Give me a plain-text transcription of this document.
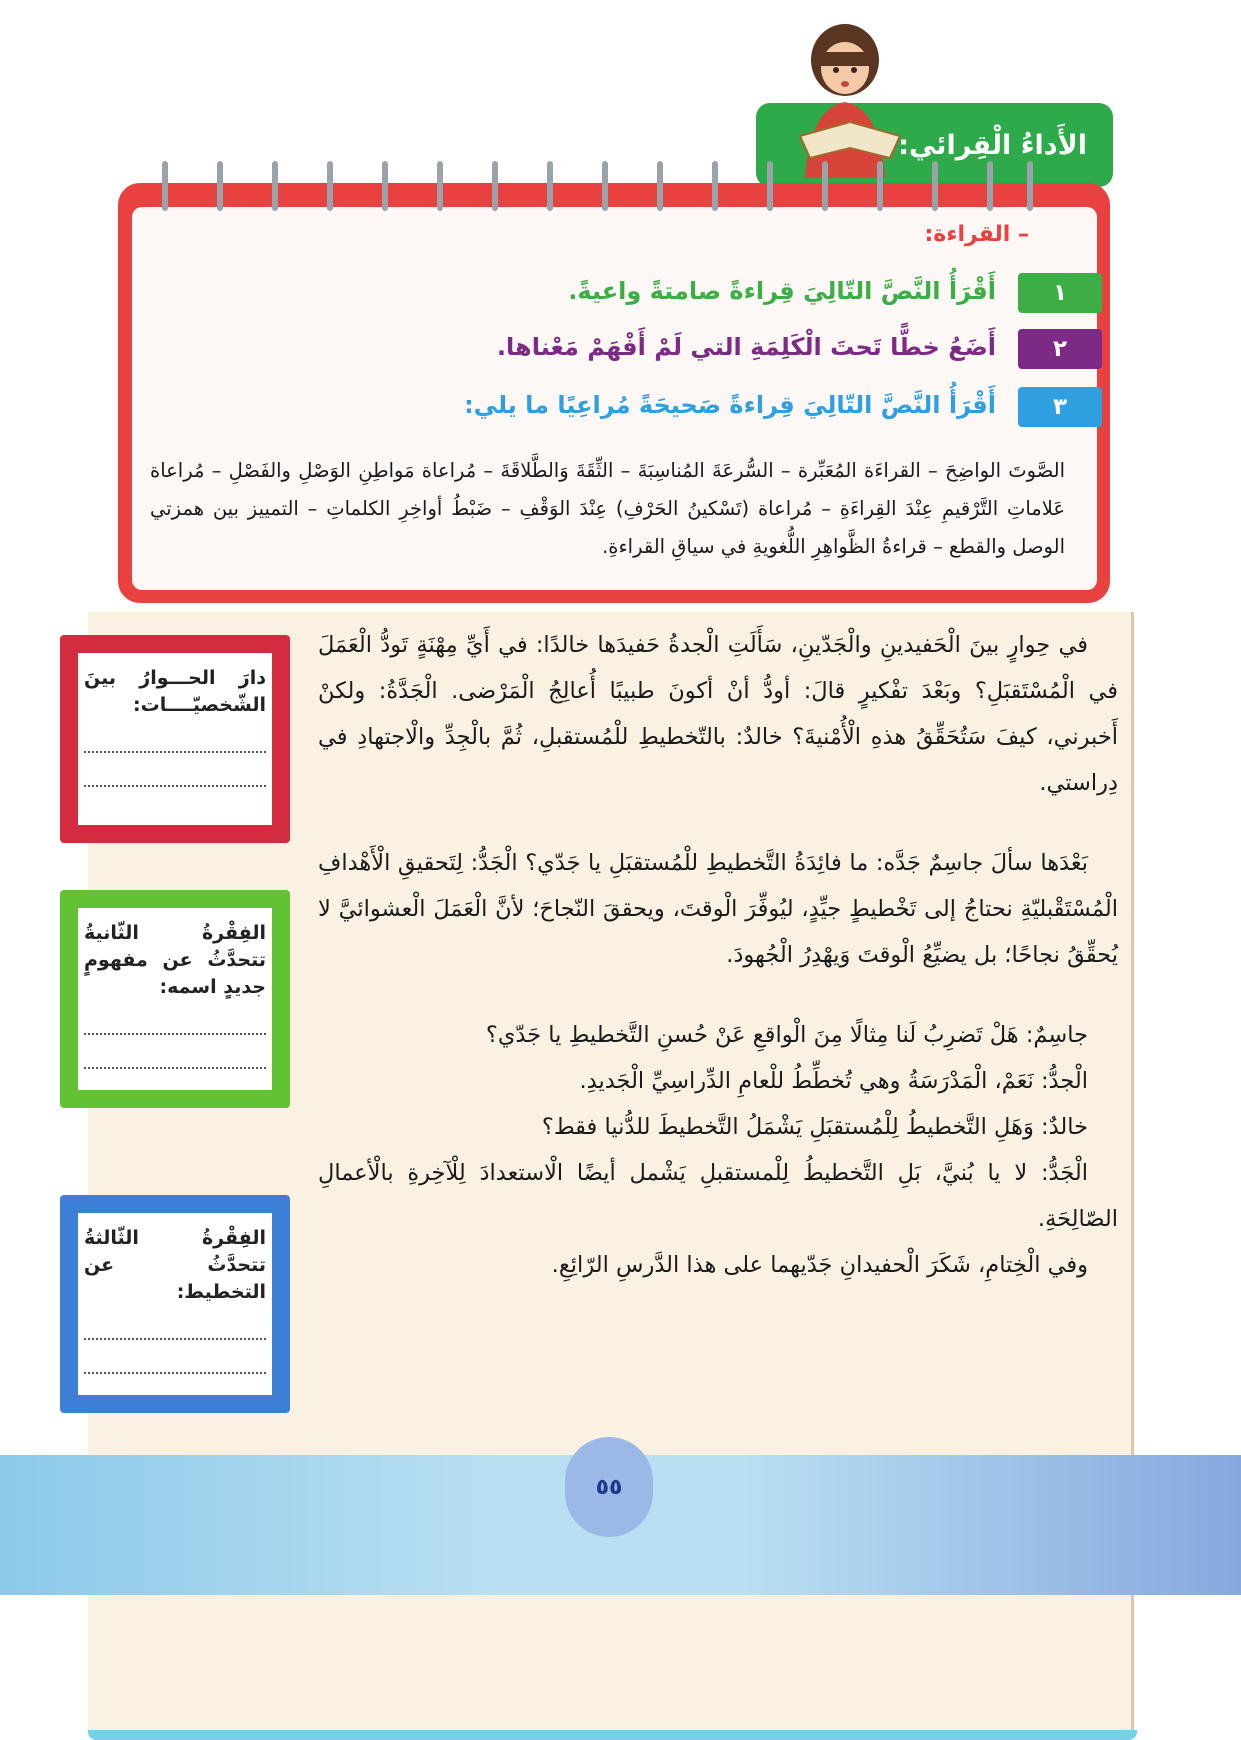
الأَداءُ الْقِرائي:
– القراءة:
١
أَقْرَأُ النَّصَّ التّالِيَ قِراءةً صامتةً واعيةً.
٢
أَضَعُ خطًّا تَحتَ الْكَلِمَةِ التي لَمْ أَفْهَمْ مَعْناها.
٣
أَقْرَأُ النَّصَّ التّالِيَ قِراءةً صَحيحَةً مُراعِيًا ما يلي:
الصَّوتَ الواضِحَ – القراءَة المُعَبِّرة – السُّرعَةَ المُناسِبَةَ – الثِّقَةَ وَالطَّلاقَةَ – مُراعاة مَواطِنِ الوَصْلِ والفَصْلِ – مُراعاة عَلاماتِ التَّرْقيمِ عِنْدَ القِراءَةِ – مُراعاة (تَسْكينُ الحَرْفِ) عِنْدَ الوَقْفِ – ضَبْطُ أواخِرِ الكلماتِ – التمييز بين همزتي الوصل والقطع – قراءةُ الظَّواهِرِ اللُّغويةِ في سياقِ القراءةِ.

في حِوارٍ بينَ الْحَفيدينِ والْجَدّينِ، سَأَلَتِ الْجدةُ حَفيدَها خالدًا: في أَيِّ مِهْنَةٍ تَودُّ الْعَمَلَ في الْمُسْتَقبَلِ؟ وبَعْدَ تفْكيرٍ قالَ: أودُّ أنْ أكونَ طبيبًا أُعالِجُ الْمَرْضى. الْجَدَّةُ: ولكنْ أَخبرني، كيفَ سَتُحَقِّقُ هذهِ الْأُمْنيةَ؟ خالدٌ: بالتّخطيطِ للْمُستقبلِ، ثُمَّ بالْجِدِّ والْاجتهادِ في دِراستي.

بَعْدَها سألَ جاسِمٌ جَدَّه: ما فائِدَةُ التَّخطيطِ للْمُستقبَلِ يا جَدّي؟ الْجَدُّ: لِتَحقيقِ الْأَهْدافِ الْمُسْتَقْبليّةِ نحتاجُ إلى تَخْطيطٍ جيِّدٍ، ليُوفِّرَ الْوقتَ، ويحققَ النّجاحَ؛ لأنَّ الْعَمَلَ الْعشوائيَّ لا يُحقِّقُ نجاحًا؛ بل يضيِّعُ الْوقتَ وَيهْدِرُ الْجُهودَ.

جاسِمٌ: هَلْ تَضرِبُ لَنا مِثالًا مِنَ الْواقعِ عَنْ حُسنِ التَّخطيطِ يا جَدّي؟

الْجدُّ: نَعَمْ، الْمَدْرَسَةُ وهي تُخطِّطُ للْعامِ الدِّراسِيِّ الْجَديدِ.

خالدٌ: وَهَلِ التَّخطيطُ لِلْمُستقبَلِ يَشْمَلُ التَّخطيطَ للدُّنيا فقط؟

الْجَدُّ: لا يا بُنيَّ، بَلِ التَّخطيطُ لِلْمستقبلِ يَشْمل أيضًا الْاستعدادَ لِلْآخِرةِ بالْأعمالِ الصّالِحَةِ.

وفي الْخِتامِ، شَكَرَ الْحفيدانِ جَدّيهما على هذا الدَّرسِ الرّائِعِ.

دارَ الحـــوارُ بينَ الشّخصيّــــات:
الفِقْرةُ الثّانيةُ تتحدَّثُ عن مفهومٍ جديدٍ اسمه:
الفِقْرةُ الثّالثةُ تتحدَّثُ عن التخطيط:
٥٥
